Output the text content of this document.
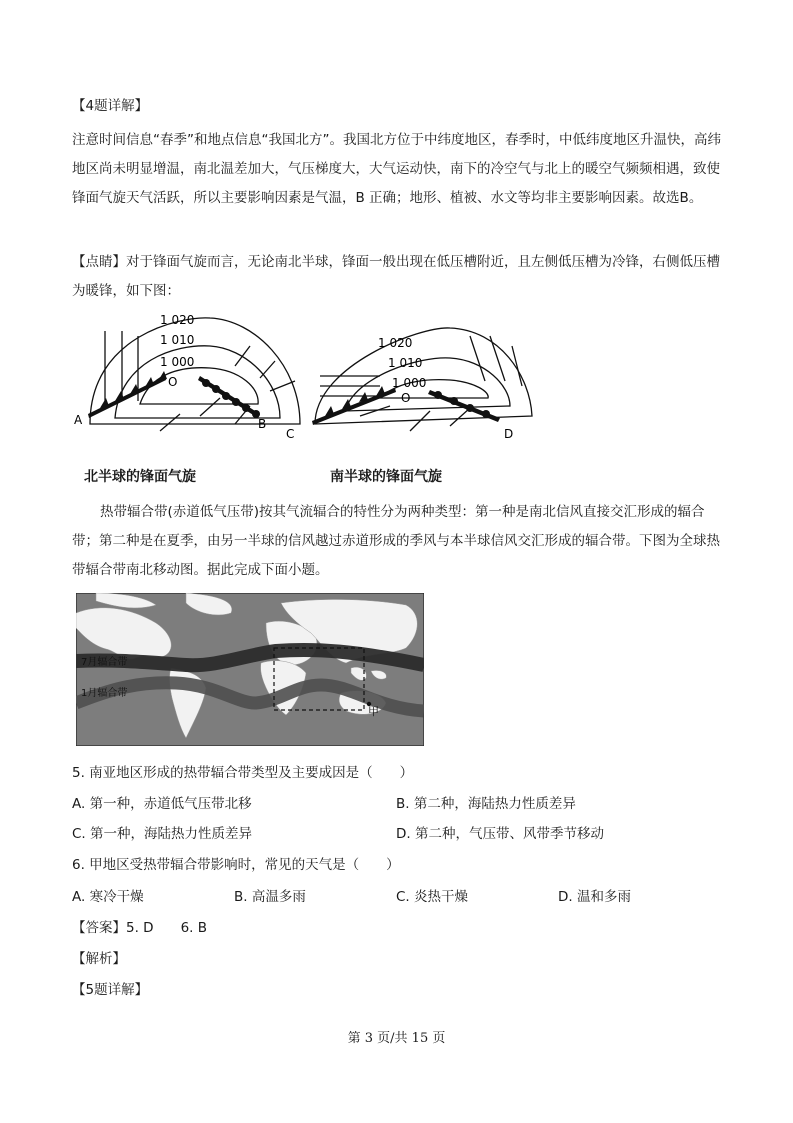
【4题详解】

注意时间信息“春季”和地点信息“我国北方”。我国北方位于中纬度地区，春季时，中低纬度地区升温快，高纬地区尚未明显增温，南北温差加大，气压梯度大，大气运动快，南下的冷空气与北上的暖空气频频相遇，致使锋面气旋天气活跃，所以主要影响因素是气温，B 正确；地形、植被、水文等均非主要影响因素。故选B。

【点睛】对于锋面气旋而言，无论南北半球，锋面一般出现在低压槽附近，且左侧低压槽为冷锋，右侧低压槽为暖锋，如下图：

1 020
1 010
1 000
O
A	B
1 020
1 010
1 000
O
C	D
北半球的锋面气旋	南半球的锋面气旋

热带辐合带(赤道低气压带)按其气流辐合的特性分为两种类型：第一种是南北信风直接交汇形成的辐合带；第二种是在夏季，由另一半球的信风越过赤道形成的季风与本半球信风交汇形成的辐合带。下图为全球热带辐合带南北移动图。据此完成下面小题。

7月辐合带
1月辐合带
甲
5. 南亚地区形成的热带辐合带类型及主要成因是（　　）
A. 第一种，赤道低气压带北移	B. 第二种，海陆热力性质差异
C. 第一种，海陆热力性质差异	D. 第二种，气压带、风带季节移动
6. 甲地区受热带辐合带影响时，常见的天气是（　　）
A. 寒冷干燥	B. 高温多雨	C. 炎热干燥	D. 温和多雨
【答案】5. D　　6. B
【解析】
【5题详解】
第 3 页/共 15 页
